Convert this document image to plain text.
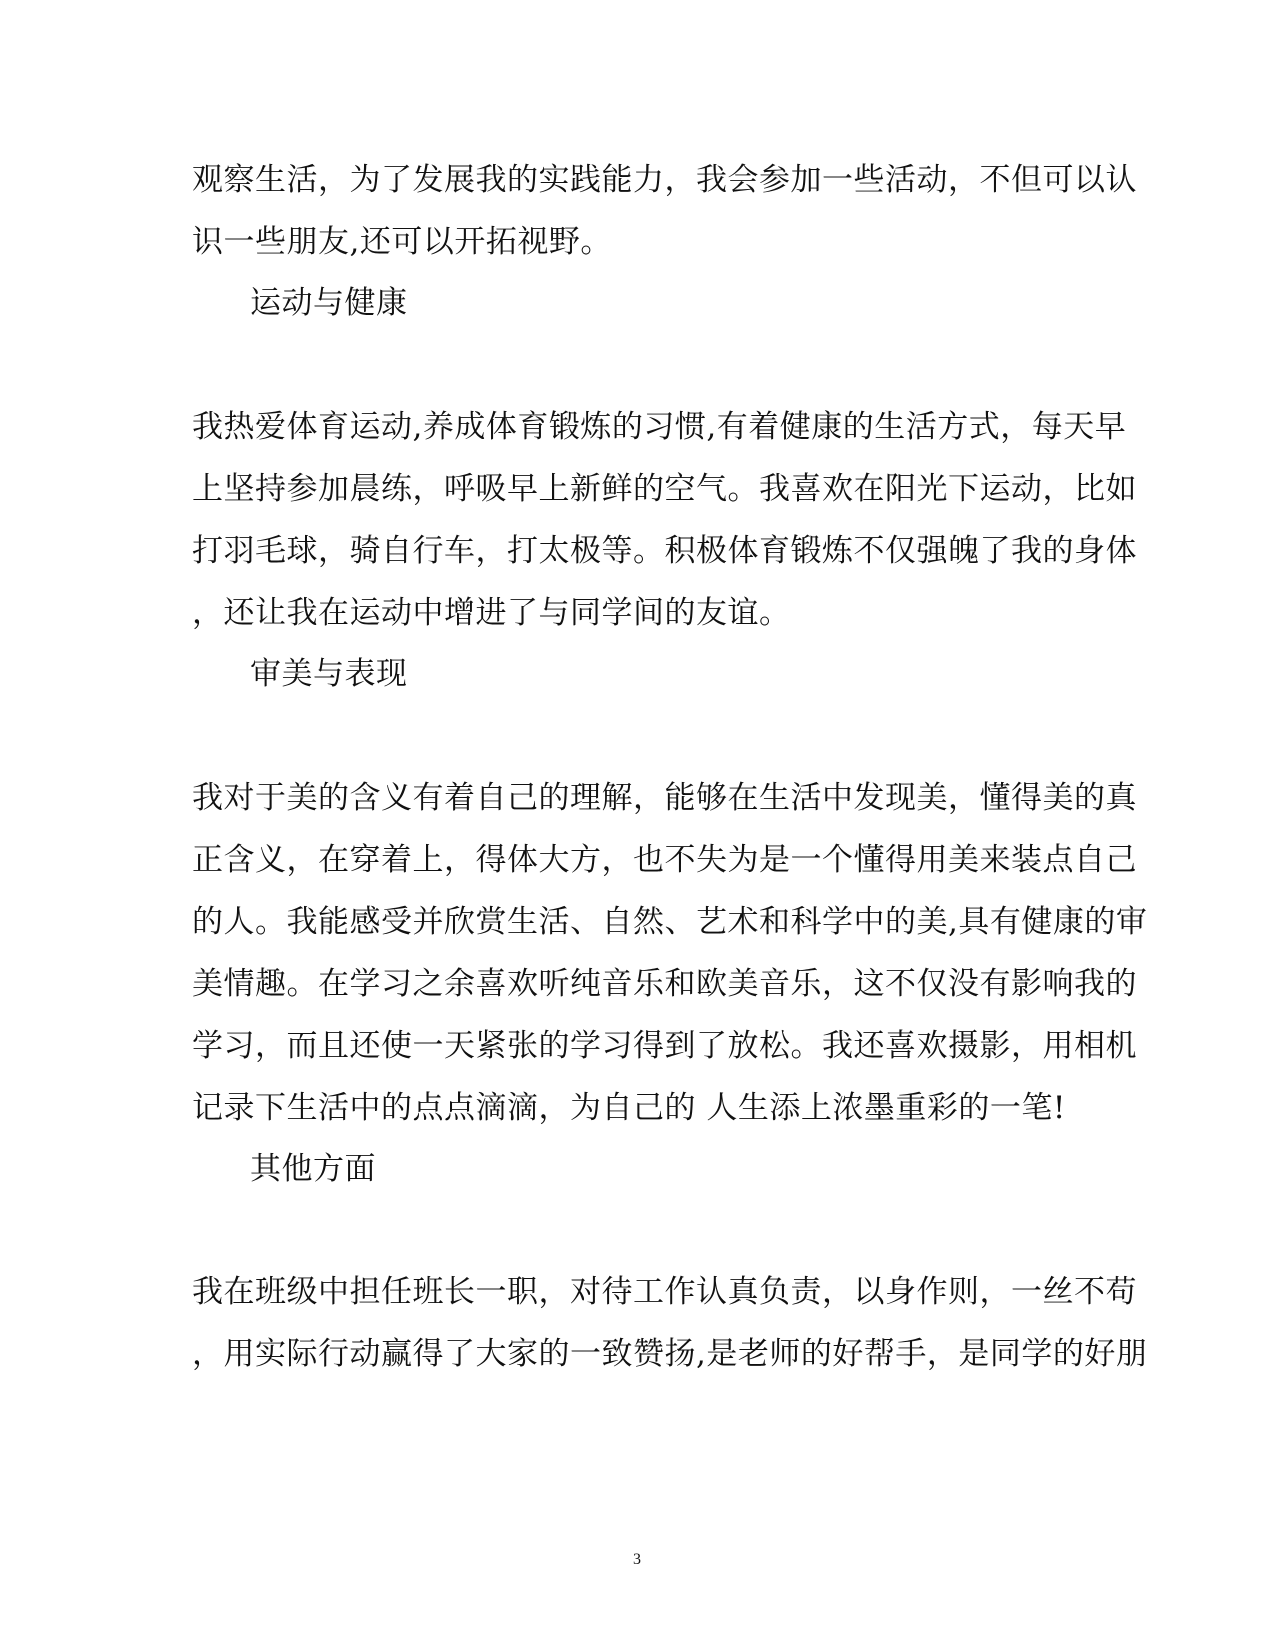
观察生活，为了发展我的实践能力，我会参加一些活动，不但可以认
识一些朋友,还可以开拓视野。
运动与健康
我热爱体育运动,养成体育锻炼的习惯,有着健康的生活方式，每天早
上坚持参加晨练，呼吸早上新鲜的空气。我喜欢在阳光下运动，比如
打羽毛球，骑自行车，打太极等。积极体育锻炼不仅强魄了我的身体
，还让我在运动中增进了与同学间的友谊。
审美与表现
我对于美的含义有着自己的理解，能够在生活中发现美，懂得美的真
正含义，在穿着上，得体大方，也不失为是一个懂得用美来装点自己
的人。我能感受并欣赏生活、自然、艺术和科学中的美,具有健康的审
美情趣。在学习之余喜欢听纯音乐和欧美音乐，这不仅没有影响我的
学习，而且还使一天紧张的学习得到了放松。我还喜欢摄影，用相机
记录下生活中的点点滴滴，为自己的 人生添上浓墨重彩的一笔!
其他方面
我在班级中担任班长一职，对待工作认真负责，以身作则，一丝不苟
，用实际行动赢得了大家的一致赞扬,是老师的好帮手，是同学的好朋
3
